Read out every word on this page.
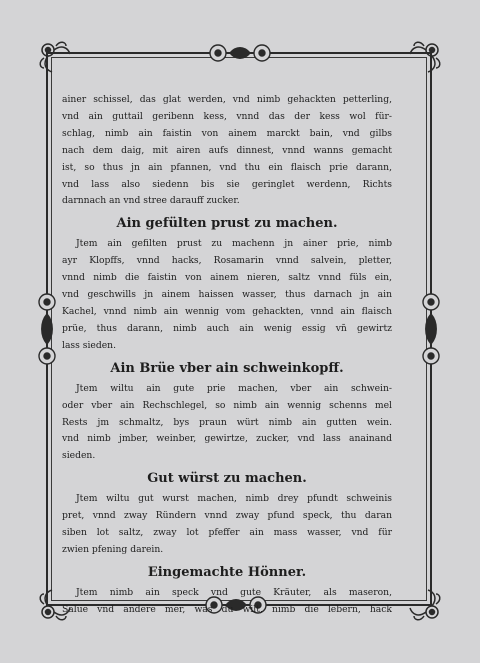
ainer schissel, das glat werden, vnd nimb gehackten petterling,
vnd ain guttail geribenn kess, vnnd das der kess wol für-
schlag, nimb ain faistin von ainem marckt bain, vnd gilbs
nach dem daig, mit airen aufs dinnest, vnnd wanns gemacht
ist, so thus jn ain pfannen, vnd thu ein flaisch prie darann,
vnd lass also siedenn bis sie geringlet werdenn, Richts
darnnach an vnd stree darauff zucker.
Ain gefülten prust zu machen.
Jtem ain gefilten prust zu machenn jn ainer prie, nimb
ayr Klopffs, vnnd hacks, Rosamarin vnnd salvein, pletter,
vnnd nimb die faistin von ainem nieren, saltz vnnd füls ein,
vnd geschwills jn ainem haissen wasser, thus darnach jn ain
Kachel, vnnd nimb ain wennig vom gehackten, vnnd ain flaisch
prüe, thus darann, nimb auch ain wenig essig vn̄ gewirtz
lass sieden.
Ain Brüe vber ain schweinkopff.
Jtem wiltu ain gute prie machen, vber ain schwein-
oder vber ain Rechschlegel, so nimb ain wennig schenns mel
Rests jm schmaltz, bys praun würt nimb ain gutten wein.
vnd nimb jmber, weinber, gewirtze, zucker, vnd lass anainand
sieden.
Gut würst zu machen.
Jtem wiltu gut wurst machen, nimb drey pfundt schweinis
pret, vnnd zway Ründern vnnd zway pfund speck, thu daran
siben lot saltz, zway lot pfeffer ain mass wasser, vnd für
zwien pfening darein.
Eingemachte Hönner.
Jtem nimb ain speck vnd gute Kräuter, als maseron,
Salue vnd andere mer, was du wilt, nimb die lebern, hack
